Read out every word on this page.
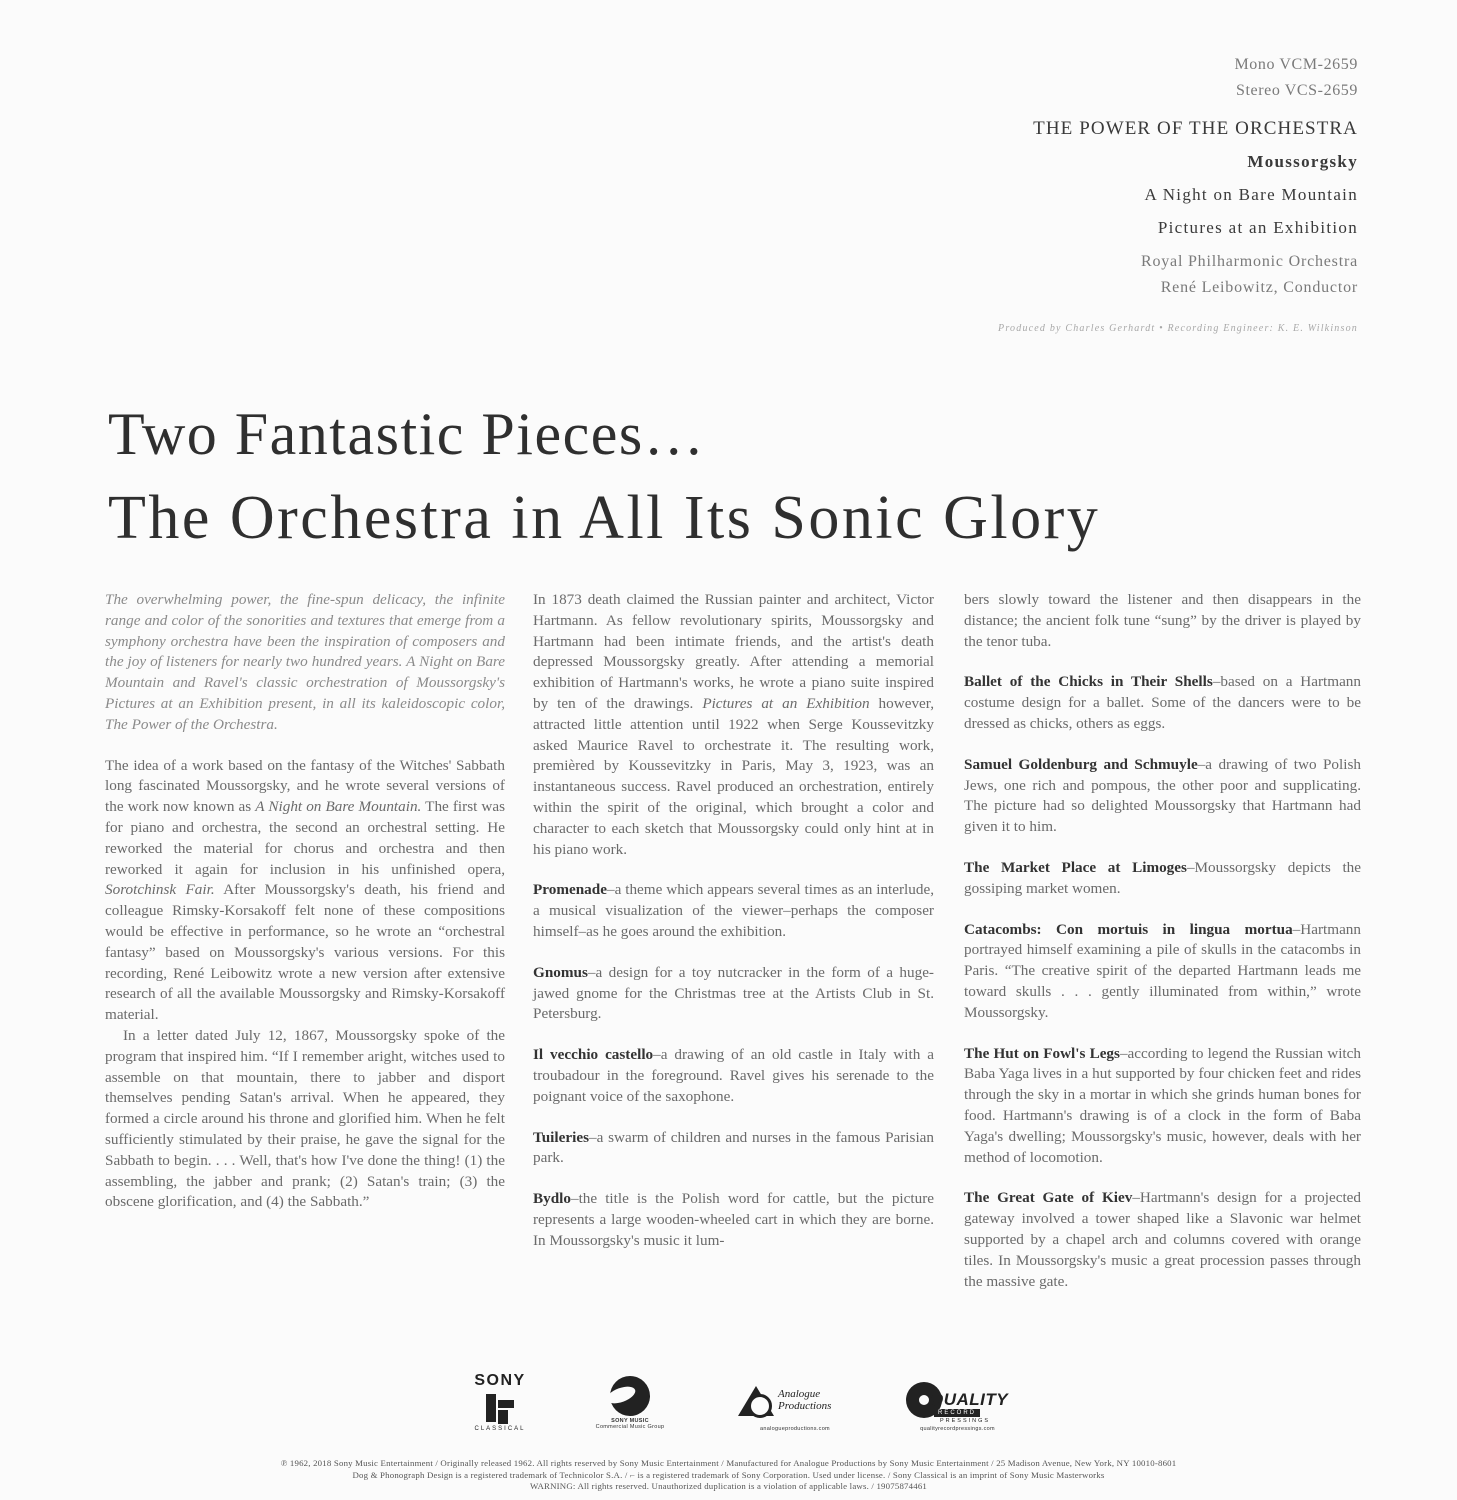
Mono VCM-2659
Stereo VCS-2659
THE POWER OF THE ORCHESTRA
Moussorgsky
A Night on Bare Mountain
Pictures at an Exhibition
Royal Philharmonic Orchestra
René Leibowitz, Conductor
Produced by Charles Gerhardt • Recording Engineer: K. E. Wilkinson
Two Fantastic Pieces…
The Orchestra in All Its Sonic Glory

The overwhelming power, the fine-spun delicacy, the infinite range and color of the sonorities and textures that emerge from a symphony orchestra have been the inspiration of composers and the joy of listeners for nearly two hundred years. A Night on Bare Mountain and Ravel's classic orchestration of Moussorgsky's Pictures at an Exhibition present, in all its kaleidoscopic color, The Power of the Orchestra.

The idea of a work based on the fantasy of the Witches' Sabbath long fascinated Moussorgsky, and he wrote several versions of the work now known as A Night on Bare Mountain. The first was for piano and orchestra, the second an orchestral setting. He reworked the material for chorus and orchestra and then reworked it again for inclusion in his unfinished opera, Sorotchinsk Fair. After Moussorgsky's death, his friend and colleague Rimsky-Korsakoff felt none of these compositions would be effective in performance, so he wrote an “orchestral fantasy” based on Moussorgsky's various versions. For this recording, René Leibowitz wrote a new version after extensive research of all the available Moussorgsky and Rimsky-Korsakoff material.

In a letter dated July 12, 1867, Moussorgsky spoke of the program that inspired him. “If I remember aright, witches used to assemble on that mountain, there to jabber and disport themselves pending Satan's arrival. When he appeared, they formed a circle around his throne and glorified him. When he felt sufficiently stimulated by their praise, he gave the signal for the Sabbath to begin. . . . Well, that's how I've done the thing! (1) the assembling, the jabber and prank; (2) Satan's train; (3) the obscene glorification, and (4) the Sabbath.”

In 1873 death claimed the Russian painter and architect, Victor Hartmann. As fellow revolutionary spirits, Moussorgsky and Hartmann had been intimate friends, and the artist's death depressed Moussorgsky greatly. After attending a memorial exhibition of Hartmann's works, he wrote a piano suite inspired by ten of the drawings. Pictures at an Exhibition however, attracted little attention until 1922 when Serge Koussevitzky asked Maurice Ravel to orchestrate it. The resulting work, premièred by Koussevitzky in Paris, May 3, 1923, was an instantaneous success. Ravel produced an orchestration, entirely within the spirit of the original, which brought a color and character to each sketch that Moussorgsky could only hint at in his piano work.

Promenade–a theme which appears several times as an interlude, a musical visualization of the viewer–perhaps the composer himself–as he goes around the exhibition.

Gnomus–a design for a toy nutcracker in the form of a huge-jawed gnome for the Christmas tree at the Artists Club in St. Petersburg.

Il vecchio castello–a drawing of an old castle in Italy with a troubadour in the foreground. Ravel gives his serenade to the poignant voice of the saxophone.

Tuileries–a swarm of children and nurses in the famous Parisian park.

Bydlo–the title is the Polish word for cattle, but the picture represents a large wooden-wheeled cart in which they are borne. In Moussorgsky's music it lum-

bers slowly toward the listener and then disappears in the distance; the ancient folk tune “sung” by the driver is played by the tenor tuba.

Ballet of the Chicks in Their Shells–based on a Hartmann costume design for a ballet. Some of the dancers were to be dressed as chicks, others as eggs.

Samuel Goldenburg and Schmuyle–a drawing of two Polish Jews, one rich and pompous, the other poor and supplicating. The picture had so delighted Moussorgsky that Hartmann had given it to him.

The Market Place at Limoges–Moussorgsky depicts the gossiping market women.

Catacombs: Con mortuis in lingua mortua–Hartmann portrayed himself examining a pile of skulls in the catacombs in Paris. “The creative spirit of the departed Hartmann leads me toward skulls . . . gently illuminated from within,” wrote Moussorgsky.

The Hut on Fowl's Legs–according to legend the Russian witch Baba Yaga lives in a hut supported by four chicken feet and rides through the sky in a mortar in which she grinds human bones for food. Hartmann's drawing is of a clock in the form of Baba Yaga's dwelling; Moussorgsky's music, however, deals with her method of locomotion.

The Great Gate of Kiev–Hartmann's design for a projected gateway involved a tower shaped like a Slavonic war helmet supported by a chapel arch and columns covered with orange tiles. In Moussorgsky's music a great procession passes through the massive gate.

SONY
CLASSICAL
SONY MUSIC
Commercial Music Group
Analogue
Productions
analogueproductions.com
QUALITY
RECORD
PRESSINGS
qualityrecordpressings.com
℗ 1962, 2018 Sony Music Entertainment / Originally released 1962. All rights reserved by Sony Music Entertainment / Manufactured for Analogue Productions by Sony Music Entertainment / 25 Madison Avenue, New York, NY 10010-8601
Dog & Phonograph Design is a registered trademark of Technicolor S.A. / ⌐ is a registered trademark of Sony Corporation. Used under license. / Sony Classical is an imprint of Sony Music Masterworks
WARNING: All rights reserved. Unauthorized duplication is a violation of applicable laws. / 19075874461
